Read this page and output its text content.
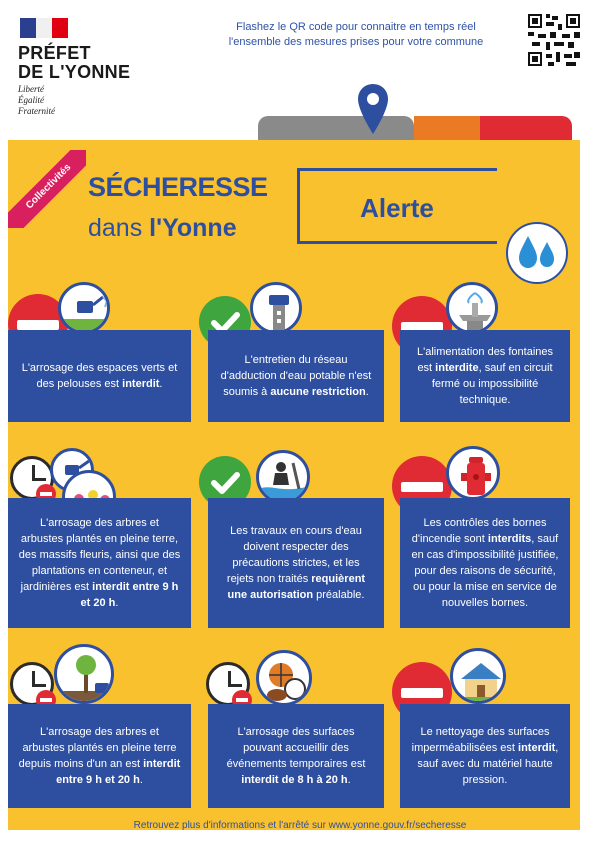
PRÉFET
DE L'YONNE
Liberté
Égalité
Fraternité
Flashez le QR code pour connaitre en temps réel
l'ensemble des mesures prises pour votre commune
Collectivités SÉCHERESSE
dans l'Yonne
Alerte
L'arrosage des espaces verts et des pelouses est interdit.
L'entretien du réseau d'adduction d'eau potable n'est soumis à aucune restriction.
L'alimentation des fontaines est interdite, sauf en circuit fermé ou impossibilité technique.
L'arrosage des arbres et arbustes plantés en pleine terre, des massifs fleuris, ainsi que des plantations en conteneur, et jardinières est interdit entre 9 h et 20 h.
Les travaux en cours d'eau doivent respecter des précautions strictes, et les rejets non traités requièrent une autorisation préalable.
Les contrôles des bornes d'incendie sont interdits, sauf en cas d'impossibilité justifiée, pour des raisons de sécurité, ou pour la mise en service de nouvelles bornes.
L'arrosage des arbres et arbustes plantés en pleine terre depuis moins d'un an est interdit entre 9 h et 20 h.
L'arrosage des surfaces pouvant accueillir des événements temporaires est interdit de 8 h à 20 h.
Le nettoyage des surfaces imperméabilisées est interdit, sauf avec du matériel haute pression.
Retrouvez plus d'informations et l'arrêté sur www.yonne.gouv.fr/secheresse
